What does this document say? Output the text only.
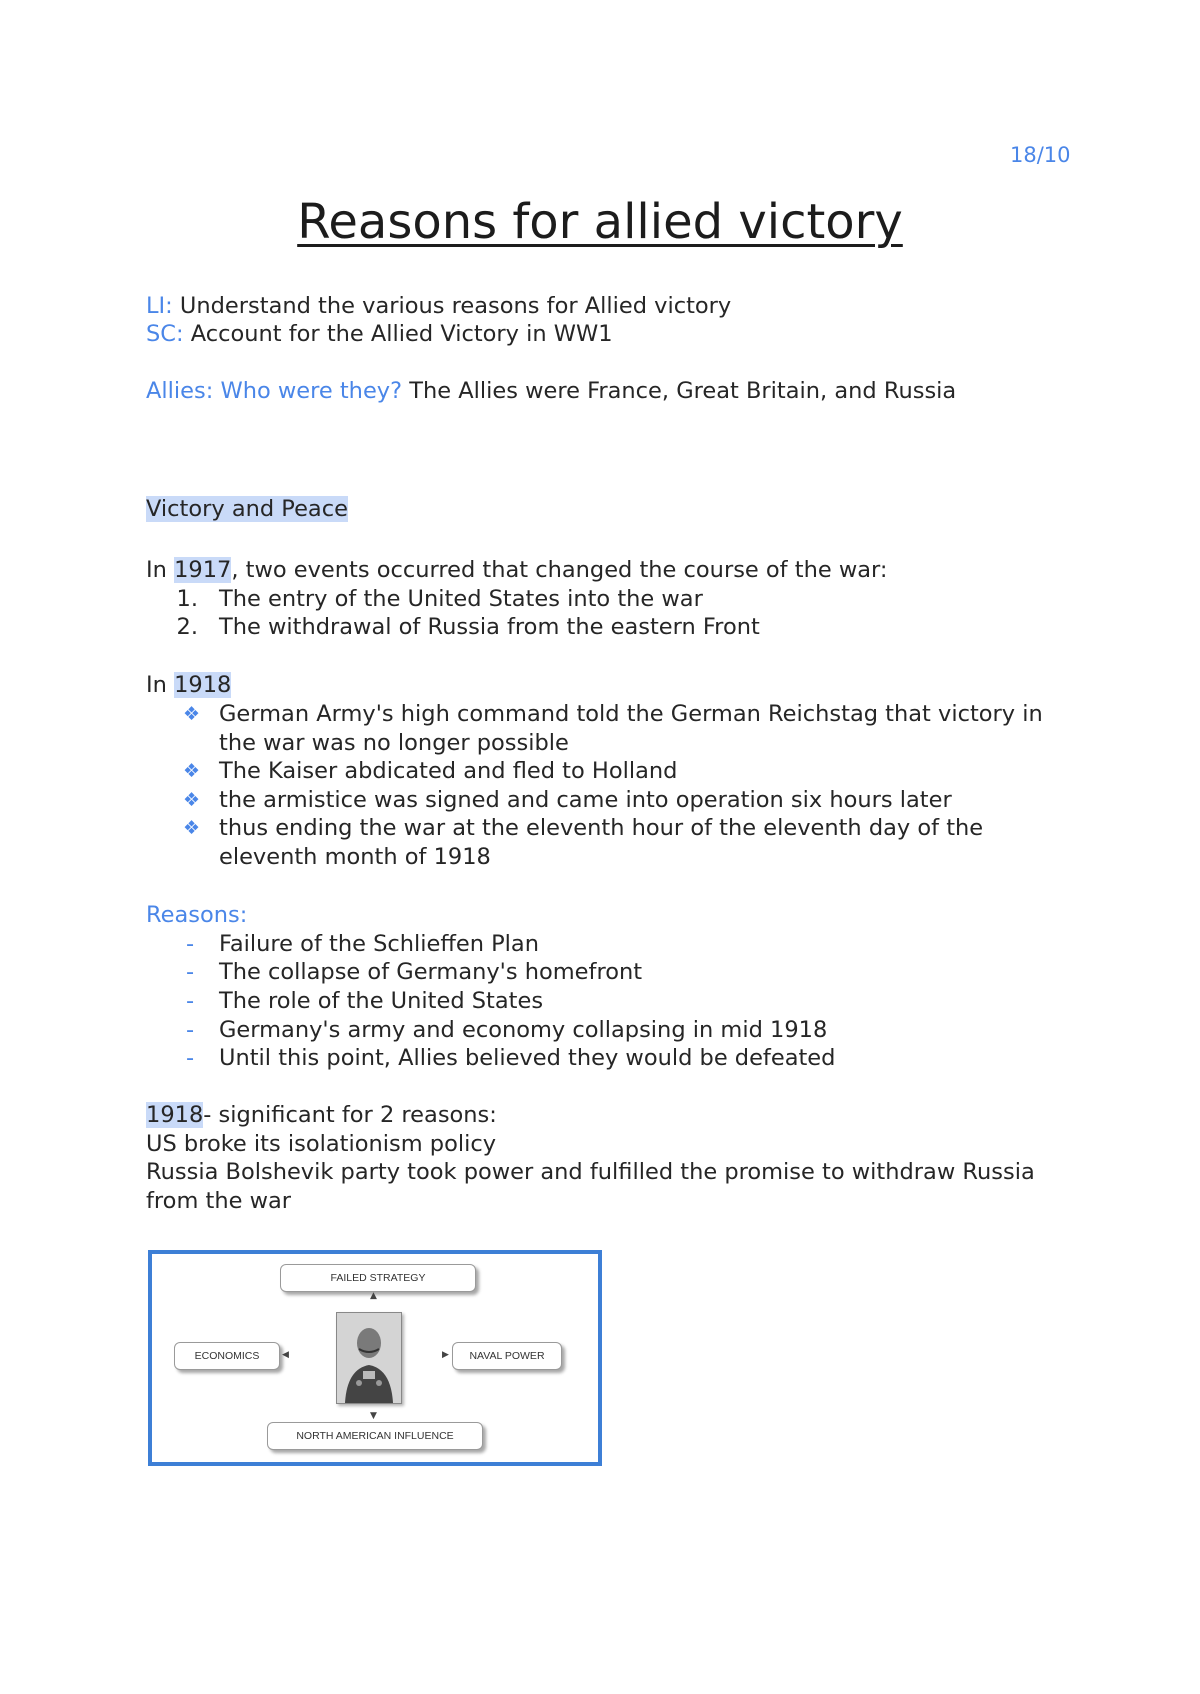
18/10
Reasons for allied victory
LI: Understand the various reasons for Allied victory
SC: Account for the Allied Victory in WW1
Allies: Who were they? The Allies were France, Great Britain, and Russia
Victory and Peace
In 1917, two events occurred that changed the course of the war:
1. The entry of the United States into the war
2. The withdrawal of Russia from the eastern Front
In 1918
❖ German Army's high command told the German Reichstag that victory in
the war was no longer possible
❖ The Kaiser abdicated and fled to Holland
❖ the armistice was signed and came into operation six hours later
❖ thus ending the war at the eleventh hour of the eleventh day of the
eleventh month of 1918
Reasons:
- Failure of the Schlieffen Plan
- The collapse of Germany's homefront
- The role of the United States
- Germany's army and economy collapsing in mid 1918
- Until this point, Allies believed they would be defeated
1918- significant for 2 reasons:
US broke its isolationism policy
Russia Bolshevik party took power and fulfilled the promise to withdraw Russia
from the war
FAILED STRATEGY
▲
ECONOMICS	◀	▶	NAVAL POWER
▼
NORTH AMERICAN INFLUENCE
